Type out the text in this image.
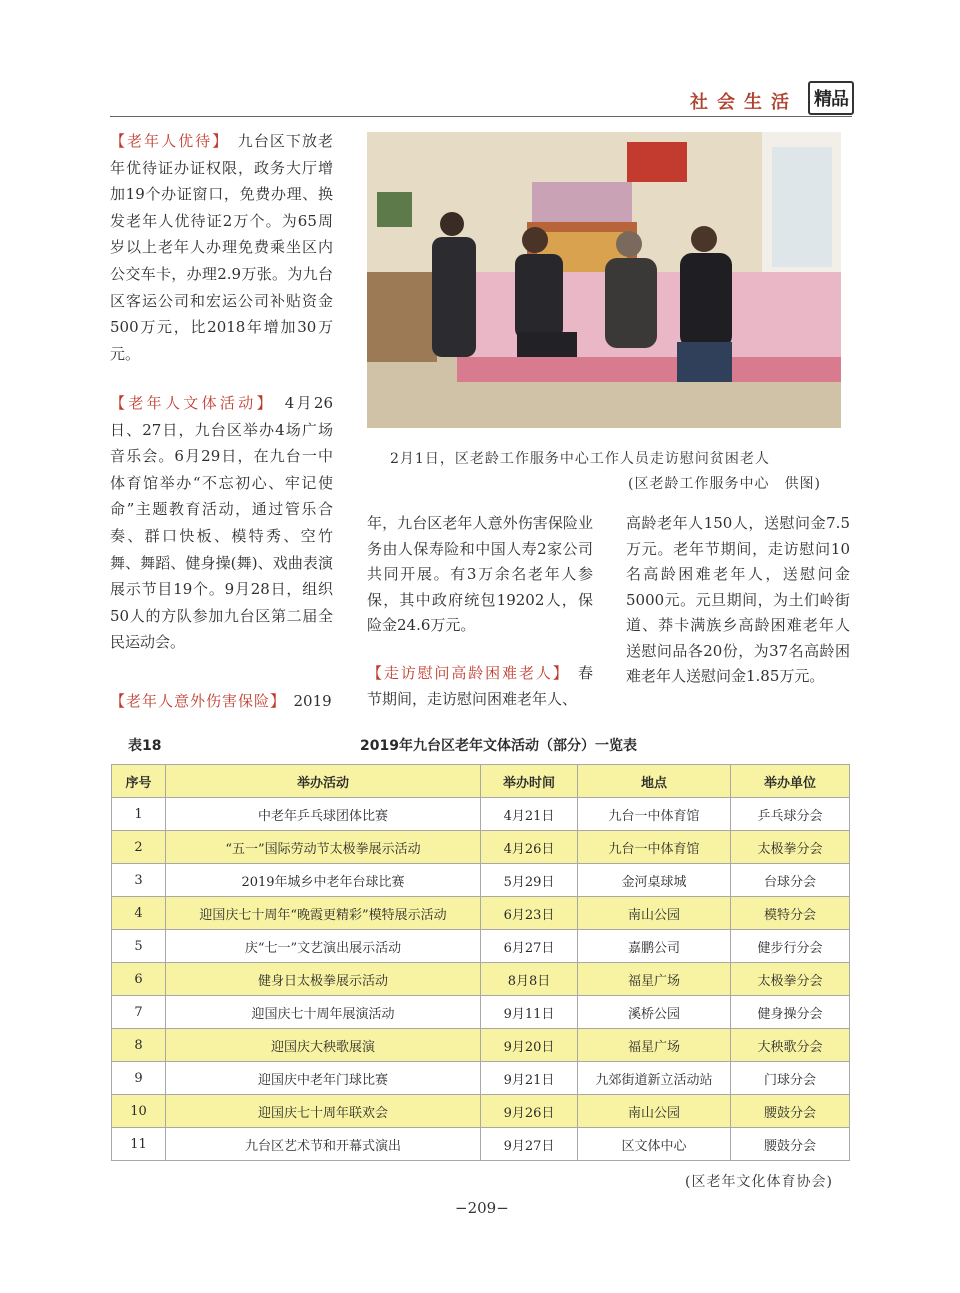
社会生活 精品
【老年人优待】　九台区下放老年优待证办证权限，政务大厅增加19个办证窗口，免费办理、换发老年人优待证2万个。为65周岁以上老年人办理免费乘坐区内公交车卡，办理2.9万张。为九台区客运公司和宏运公司补贴资金500万元，比2018年增加30万元。
【老年人文体活动】　4月26日、27日，九台区举办4场广场音乐会。6月29日，在九台一中体育馆举办“不忘初心、牢记使命”主题教育活动，通过管乐合奏、群口快板、模特秀、空竹舞、舞蹈、健身操(舞)、戏曲表演展示节目19个。9月28日，组织50人的方队参加九台区第二届全民运动会。
【老年人意外伤害保险】　2019
2月1日，区老龄工作服务中心工作人员走访慰问贫困老人
(区老龄工作服务中心　供图)
年，九台区老年人意外伤害保险业务由人保寿险和中国人寿2家公司共同开展。有3万余名老年人参保，其中政府统包19202人，保险金24.6万元。
【走访慰问高龄困难老人】　春节期间，走访慰问困难老年人、
高龄老年人150人，送慰问金7.5万元。老年节期间，走访慰问10名高龄困难老年人，送慰问金5000元。元旦期间，为土们岭街道、莽卡满族乡高龄困难老年人送慰问品各20份，为37名高龄困难老年人送慰问金1.85万元。
表18	2019年九台区老年文体活动（部分）一览表
序号	举办活动	举办时间	地点	举办单位
1	中老年乒乓球团体比赛	4月21日	九台一中体育馆	乒乓球分会
2	“五一”国际劳动节太极拳展示活动	4月26日	九台一中体育馆	太极拳分会
3	2019年城乡中老年台球比赛	5月29日	金河桌球城	台球分会
4	迎国庆七十周年“晚霞更精彩”模特展示活动	6月23日	南山公园	模特分会
5	庆“七一”文艺演出展示活动	6月27日	嘉鹏公司	健步行分会
6	健身日太极拳展示活动	8月8日	福星广场	太极拳分会
7	迎国庆七十周年展演活动	9月11日	溪桥公园	健身操分会
8	迎国庆大秧歌展演	9月20日	福星广场	大秧歌分会
9	迎国庆中老年门球比赛	9月21日	九郊街道新立活动站	门球分会
10	迎国庆七十周年联欢会	9月26日	南山公园	腰鼓分会
11	九台区艺术节和开幕式演出	9月27日	区文体中心	腰鼓分会
(区老年文化体育协会)
−209−
